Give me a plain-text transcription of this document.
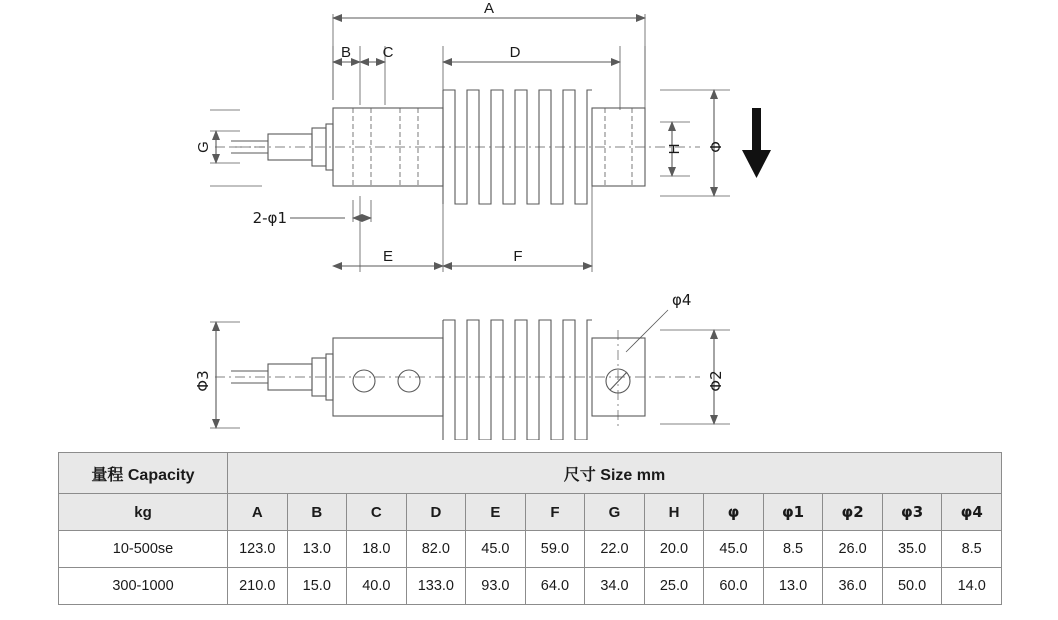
A
B C	D
E	F
G	H Φ
2-φ1
Φ2
Φ3
φ4
量程 Capacity	尺寸 Size mm												
kg	A	B	C	D	E	F	G	H	φ	φ1	φ2	φ3	φ4
10-500se	123.0	13.0	18.0	82.0	45.0	59.0	22.0	20.0	45.0	8.5	26.0	35.0	8.5
300-1000	210.0	15.0	40.0	133.0	93.0	64.0	34.0	25.0	60.0	13.0	36.0	50.0	14.0
